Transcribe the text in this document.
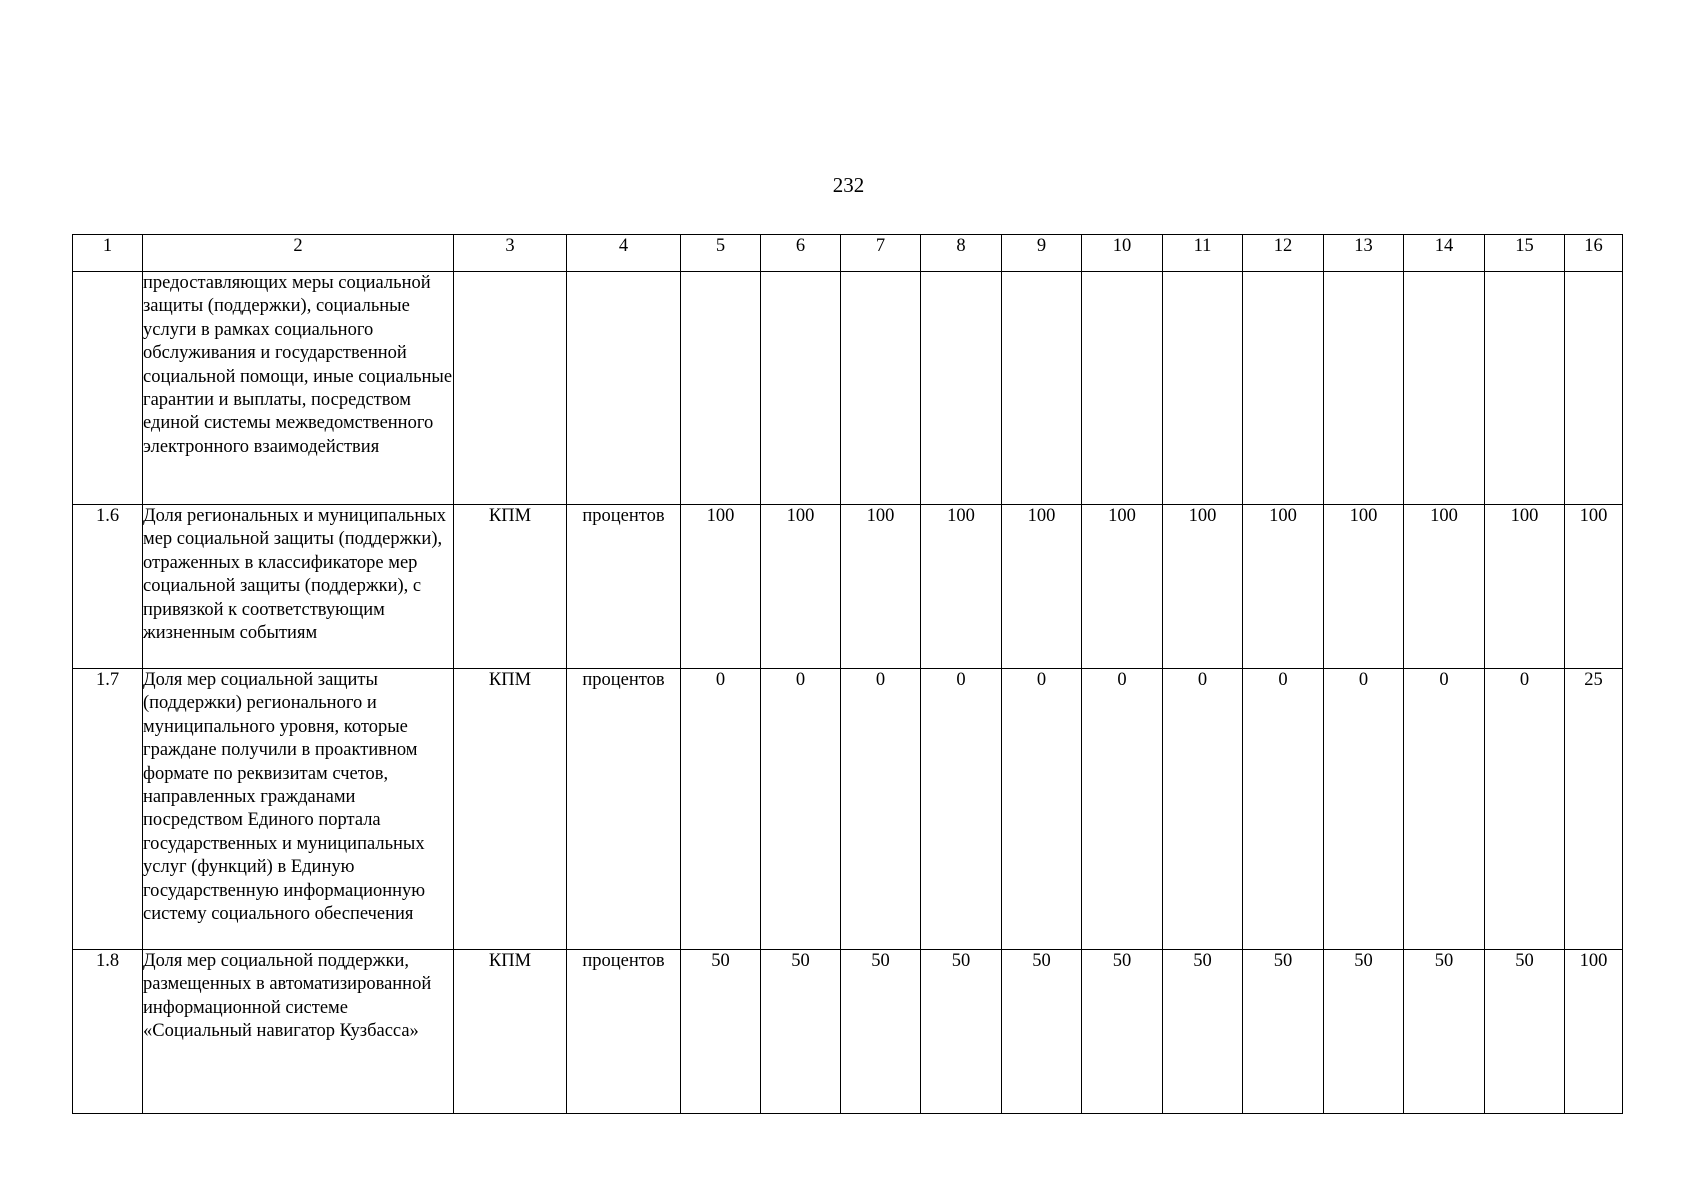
232
1	2	3	4	5	6	7	8	9	10	11	12	13	14	15	16
	предоставляющих меры социальной защиты (поддержки), социальные услуги в рамках социального обслуживания и государственной социальной помощи, иные социальные гарантии и выплаты, посредством единой системы межведомственного электронного взаимодействия														
1.6	Доля региональных и муниципальных мер социальной защиты (поддержки), отраженных в классификаторе мер социальной защиты (поддержки), с привязкой к соответствующим жизненным событиям	КПМ	процентов	100	100	100	100	100	100	100	100	100	100	100	100
1.7	Доля мер социальной защиты (поддержки) регионального и муниципального уровня, которые граждане получили в проактивном формате по реквизитам счетов, направленных гражданами посредством Единого портала государственных и муниципальных услуг (функций) в Единую государственную информационную систему социального обеспечения	КПМ	процентов	0	0	0	0	0	0	0	0	0	0	0	25
1.8	Доля мер социальной поддержки, размещенных в автоматизированной информационной системе «Социальный навигатор Кузбасса»	КПМ	процентов	50	50	50	50	50	50	50	50	50	50	50	100
